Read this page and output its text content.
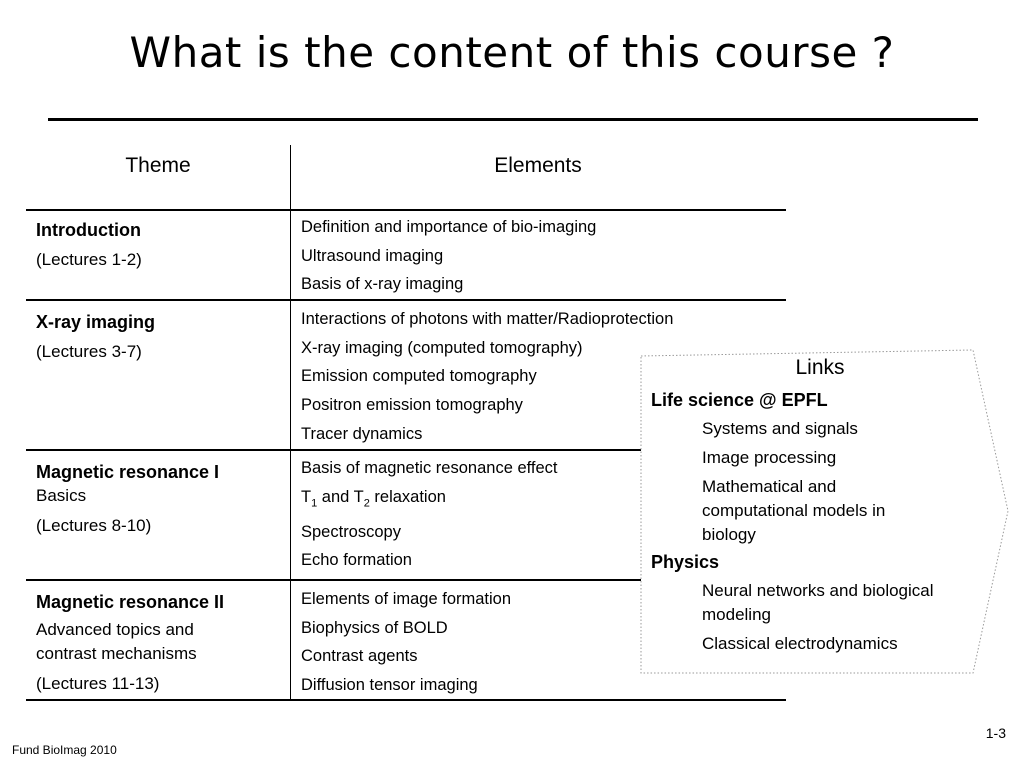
What is the content of this course ?
Theme	Elements
Introduction
(Lectures 1-2)
Definition and importance of bio-imaging
Ultrasound imaging
Basis of x-ray imaging
X-ray imaging
(Lectures 3-7)
Interactions of photons with matter/Radioprotection
X-ray imaging (computed tomography)
Emission computed tomography
Positron emission tomography
Tracer dynamics
Magnetic resonance I
Basics
(Lectures 8-10)
Basis of magnetic resonance effect
$T_1$ and $T_2$ relaxation
Spectroscopy
Echo formation
Magnetic resonance II
Advanced topics and
contrast mechanisms
(Lectures 11-13)
Elements of image formation
Biophysics of BOLD
Contrast agents
Diffusion tensor imaging
Links
Life science @ EPFL
Systems and signals
Image processing
Mathematical and computational models in biology
Physics
Neural networks and biological modeling
Classical electrodynamics
Fund BioImag 2010
1-3
